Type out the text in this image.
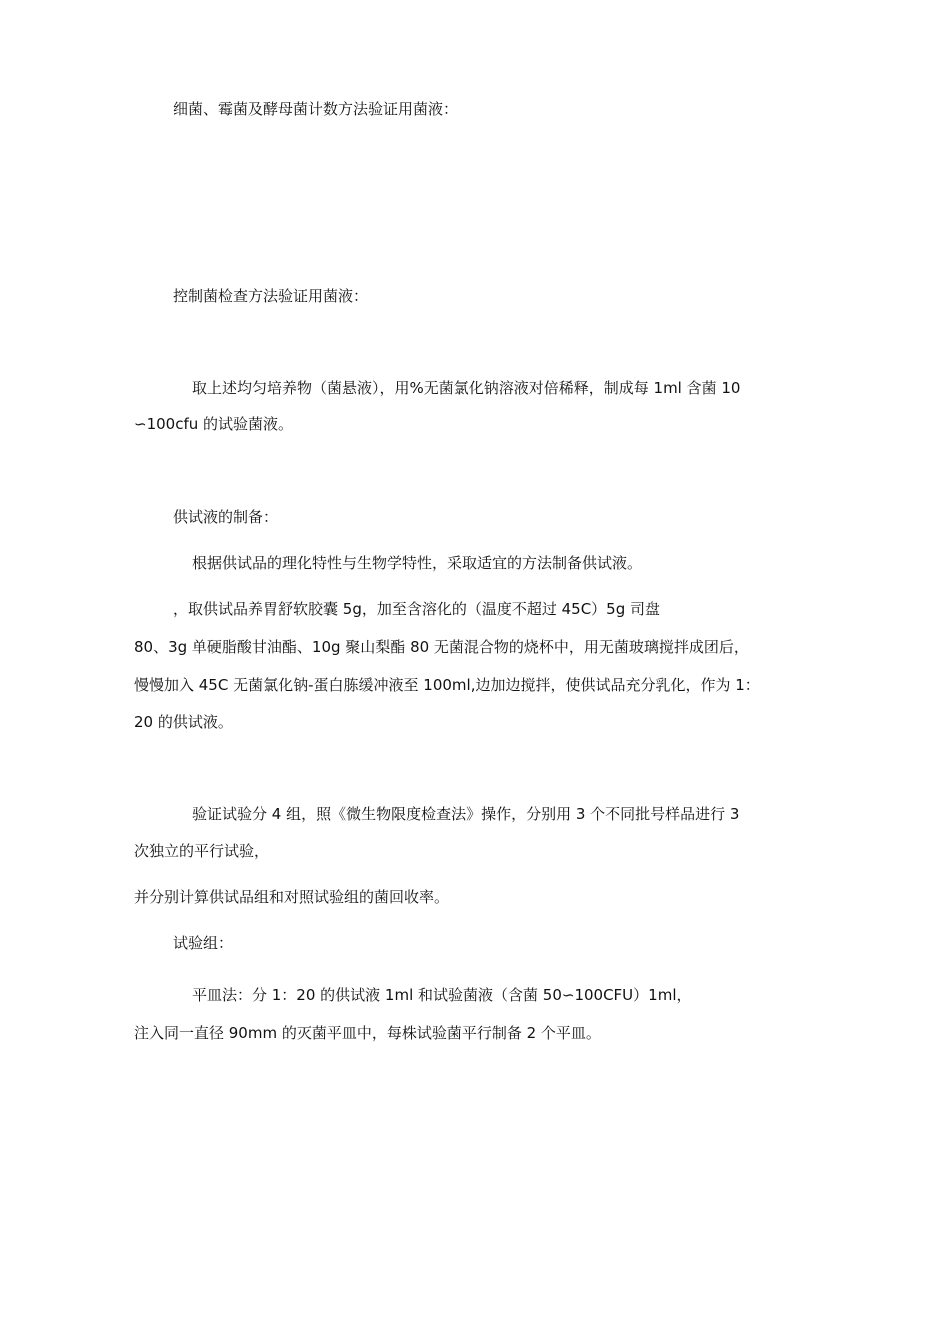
细菌、霉菌及酵母菌计数方法验证用菌液：
控制菌检查方法验证用菌液：
取上述均匀培养物（菌悬液），用%无菌氯化钠溶液对倍稀释，制成每 1ml 含菌 10
∽100cfu 的试验菌液。
供试液的制备：
根据供试品的理化特性与生物学特性，采取适宜的方法制备供试液。
，取供试品养胃舒软胶囊 5g，加至含溶化的（温度不超过 45C）5g 司盘
80、3g 单硬脂酸甘油酯、10g 聚山梨酯 80 无菌混合物的烧杯中，用无菌玻璃搅拌成团后，
慢慢加入 45C 无菌氯化钠-蛋白胨缓冲液至 100ml,边加边搅拌，使供试品充分乳化，作为 1：
20 的供试液。
验证试验分 4 组，照《微生物限度检查法》操作，分别用 3 个不同批号样品进行 3
次独立的平行试验，
并分别计算供试品组和对照试验组的菌回收率。
试验组：
平皿法：分 1：20 的供试液 1ml 和试验菌液（含菌 50∽100CFU）1ml，
注入同一直径 90mm 的灭菌平皿中，每株试验菌平行制备 2 个平皿。
